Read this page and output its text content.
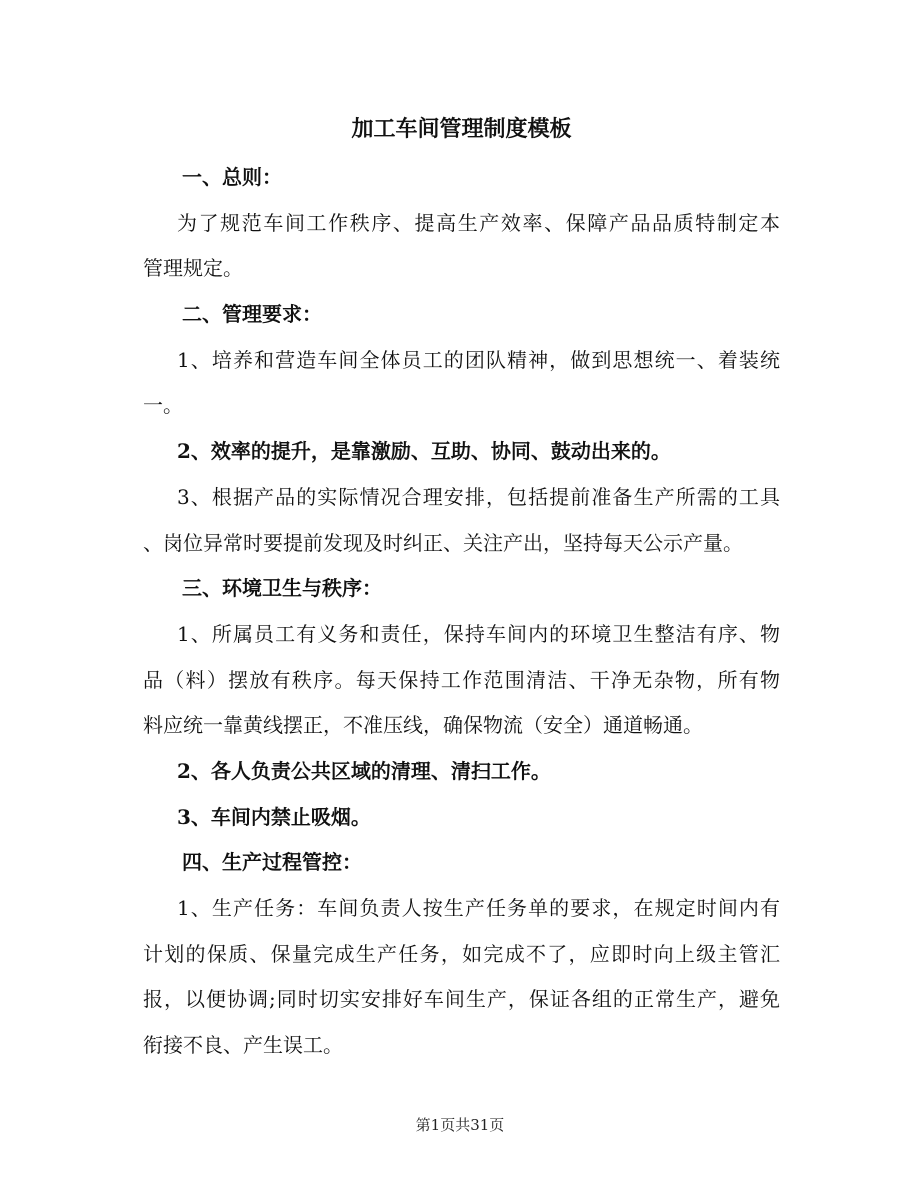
加工车间管理制度模板
一、总则：
为了规范车间工作秩序、提高生产效率、保障产品品质特制定本
管理规定。
二、管理要求：
1、培养和营造车间全体员工的团队精神，做到思想统一、着装统
一。
2、效率的提升，是靠激励、互助、协同、鼓动出来的。
3、根据产品的实际情况合理安排，包括提前准备生产所需的工具
、岗位异常时要提前发现及时纠正、关注产出，坚持每天公示产量。
三、环境卫生与秩序：
1、所属员工有义务和责任，保持车间内的环境卫生整洁有序、物
品（料）摆放有秩序。每天保持工作范围清洁、干净无杂物，所有物
料应统一靠黄线摆正，不准压线，确保物流（安全）通道畅通。
2、各人负责公共区域的清理、清扫工作。
3、车间内禁止吸烟。
四、生产过程管控：
1、生产任务：车间负责人按生产任务单的要求，在规定时间内有
计划的保质、保量完成生产任务，如完成不了，应即时向上级主管汇
报，以便协调;同时切实安排好车间生产，保证各组的正常生产，避免
衔接不良、产生误工。
第1页共31页
